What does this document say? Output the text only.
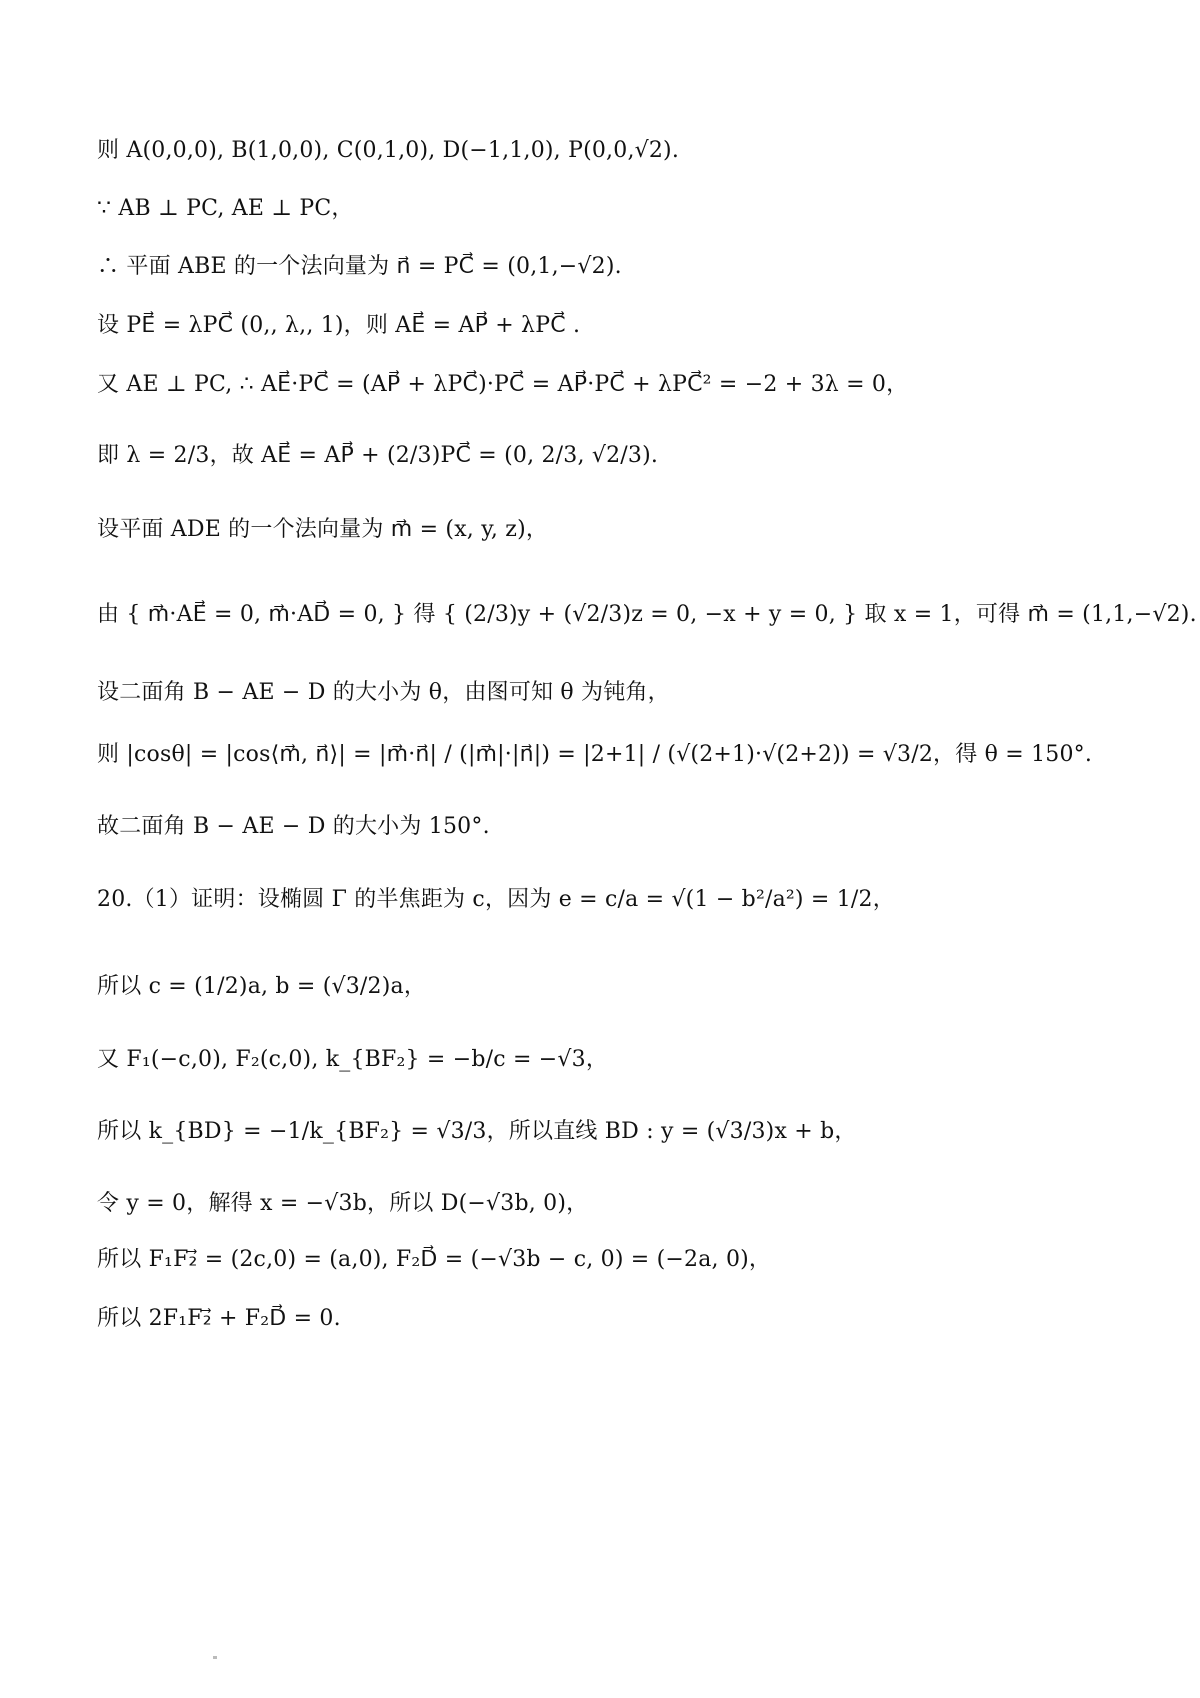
则 A(0,0,0), B(1,0,0), C(0,1,0), D(−1,1,0), P(0,0,√2).
∵ AB ⊥ PC, AE ⊥ PC，
∴ 平面 ABE 的一个法向量为 n⃗ = PC⃗ = (0,1,−√2).
设 PE⃗ = λPC⃗ (0,, λ,, 1)，则 AE⃗ = AP⃗ + λPC⃗ .
又 AE ⊥ PC, ∴ AE⃗·PC⃗ = (AP⃗ + λPC⃗)·PC⃗ = AP⃗·PC⃗ + λPC⃗² = −2 + 3λ = 0，
即 λ = 2/3，故 AE⃗ = AP⃗ + (2/3)PC⃗ = (0, 2/3, √2/3).
设平面 ADE 的一个法向量为 m⃗ = (x, y, z)，
由 { m⃗·AE⃗ = 0, m⃗·AD⃗ = 0, } 得 { (2/3)y + (√2/3)z = 0, −x + y = 0, } 取 x = 1，可得 m⃗ = (1,1,−√2).
设二面角 B − AE − D 的大小为 θ，由图可知 θ 为钝角，
则 |cosθ| = |cos⟨m⃗, n⃗⟩| = |m⃗·n⃗| / (|m⃗|·|n⃗|) = |2+1| / (√(2+1)·√(2+2)) = √3/2，得 θ = 150°.
故二面角 B − AE − D 的大小为 150°.
20.（1）证明：设椭圆 Γ 的半焦距为 c，因为 e = c/a = √(1 − b²/a²) = 1/2，
所以 c = (1/2)a, b = (√3/2)a，
又 F₁(−c,0), F₂(c,0), k_{BF₂} = −b/c = −√3，
所以 k_{BD} = −1/k_{BF₂} = √3/3，所以直线 BD : y = (√3/3)x + b，
令 y = 0，解得 x = −√3b，所以 D(−√3b, 0)，
所以 F₁F₂⃗ = (2c,0) = (a,0), F₂D⃗ = (−√3b − c, 0) = (−2a, 0)，
所以 2F₁F₂⃗ + F₂D⃗ = 0.
